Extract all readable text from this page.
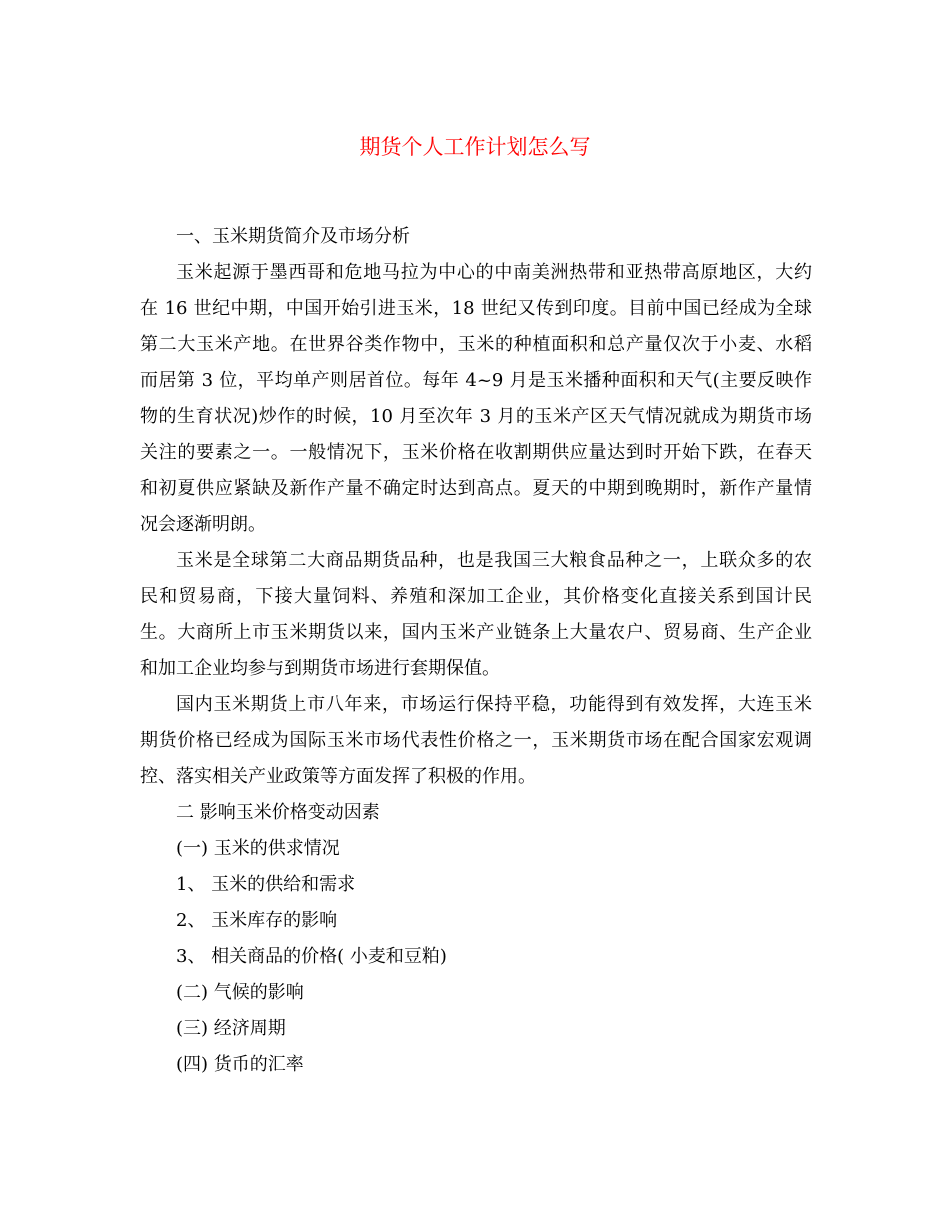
期货个人工作计划怎么写

一、玉米期货简介及市场分析

玉米起源于墨西哥和危地马拉为中心的中南美洲热带和亚热带高原地区，大约

在 16 世纪中期，中国开始引进玉米，18 世纪又传到印度。目前中国已经成为全球

第二大玉米产地。在世界谷类作物中，玉米的种植面积和总产量仅次于小麦、水稻

而居第 3 位，平均单产则居首位。每年 4~9 月是玉米播种面积和天气(主要反映作

物的生育状况)炒作的时候，10 月至次年 3 月的玉米产区天气情况就成为期货市场

关注的要素之一。一般情况下，玉米价格在收割期供应量达到时开始下跌，在春天

和初夏供应紧缺及新作产量不确定时达到高点。夏天的中期到晚期时，新作产量情

况会逐渐明朗。

玉米是全球第二大商品期货品种，也是我国三大粮食品种之一，上联众多的农

民和贸易商，下接大量饲料、养殖和深加工企业，其价格变化直接关系到国计民

生。大商所上市玉米期货以来，国内玉米产业链条上大量农户、贸易商、生产企业

和加工企业均参与到期货市场进行套期保值。

国内玉米期货上市八年来，市场运行保持平稳，功能得到有效发挥，大连玉米

期货价格已经成为国际玉米市场代表性价格之一，玉米期货市场在配合国家宏观调

控、落实相关产业政策等方面发挥了积极的作用。

二 影响玉米价格变动因素

(一) 玉米的供求情况

1、 玉米的供给和需求

2、 玉米库存的影响

3、 相关商品的价格( 小麦和豆粕)

(二) 气候的影响

(三) 经济周期

(四) 货币的汇率
